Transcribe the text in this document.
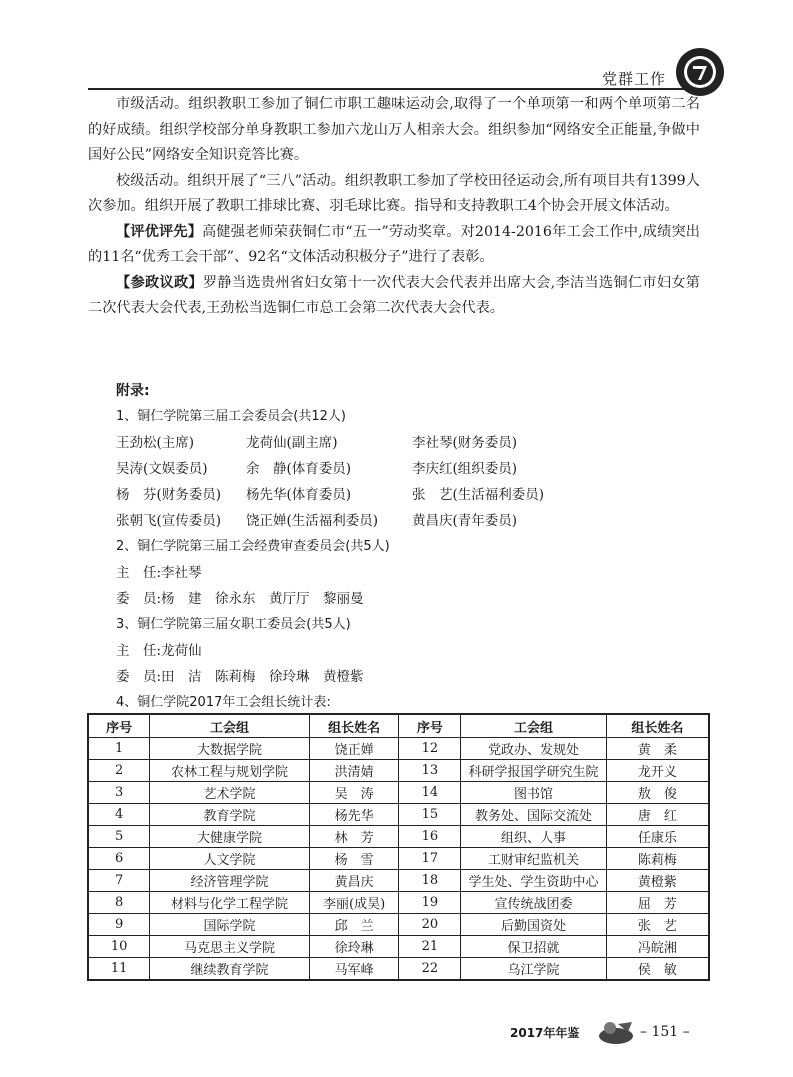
党群工作

市级活动。组织教职工参加了铜仁市职工趣味运动会,取得了一个单项第一和两个单项第二名的好成绩。组织学校部分单身教职工参加六龙山万人相亲大会。组织参加“网络安全正能量,争做中国好公民”网络安全知识竞答比赛。

校级活动。组织开展了“三八”活动。组织教职工参加了学校田径运动会,所有项目共有1399人次参加。组织开展了教职工排球比赛、羽毛球比赛。指导和支持教职工4个协会开展文体活动。

【评优评先】高健强老师荣获铜仁市“五一”劳动奖章。对2014-2016年工会工作中,成绩突出的11名“优秀工会干部”、92名“文体活动积极分子”进行了表彰。

【参政议政】罗静当选贵州省妇女第十一次代表大会代表并出席大会,李洁当选铜仁市妇女第二次代表大会代表,王劲松当选铜仁市总工会第二次代表大会代表。

附录:
1、铜仁学院第三届工会委员会(共12人)
王劲松(主席)	龙荷仙(副主席)	李社琴(财务委员)
吴涛(文娱委员)	余　静(体育委员)	李庆红(组织委员)
杨　芬(财务委员)	杨先华(体育委员)	张　艺(生活福利委员)
张朝飞(宣传委员)	饶正婵(生活福利委员)	黄昌庆(青年委员)
2、铜仁学院第三届工会经费审查委员会(共5人)
主　任:李社琴
委　员:杨　建　徐永东　黄厅厅　黎丽曼
3、铜仁学院第三届女职工委员会(共5人)
主　任:龙荷仙
委　员:田　洁　陈莉梅　徐玲琳　黄橙紫
4、铜仁学院2017年工会组长统计表:
序号	工会组	组长姓名	序号	工会组	组长姓名
1	大数据学院	饶正婵	12	党政办、发规处	黄　柔
2	农林工程与规划学院	洪清婧	13	科研学报国学研究生院	龙开义
3	艺术学院	吴　涛	14	图书馆	敖　俊
4	教育学院	杨先华	15	教务处、国际交流处	唐　红
5	大健康学院	林　芳	16	组织、人事	任康乐
6	人文学院	杨　雪	17	工财审纪监机关	陈莉梅
7	经济管理学院	黄昌庆	18	学生处、学生资助中心	黄橙紫
8	材料与化学工程学院	李丽(成昊)	19	宣传统战团委	屈　芳
9	国际学院	邱　兰	20	后勤国资处	张　艺
10	马克思主义学院	徐玲琳	21	保卫招就	冯皖湘
11	继续教育学院	马军峰	22	乌江学院	侯　敏
2017年年鉴	– 151 –
